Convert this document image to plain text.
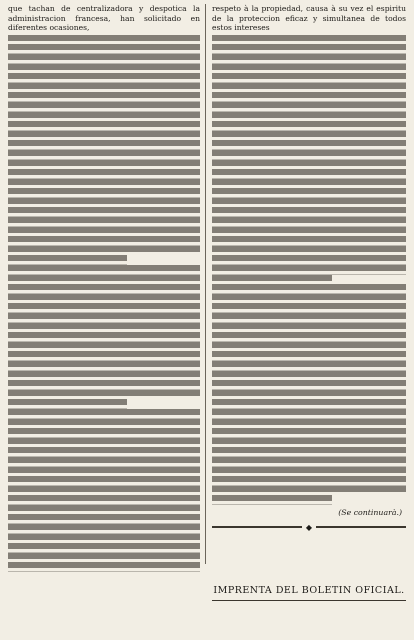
que tachan de centralizadora y despotica la administracion francesa, han solicitado en diferentes ocasiones,

respeto à la propiedad, causa à su vez el espiritu de la proteccion eficaz y simultanea de todos estos intereses

(Se continuarà.)

◆
IMPRENTA DEL BOLETIN OFICIAL.
